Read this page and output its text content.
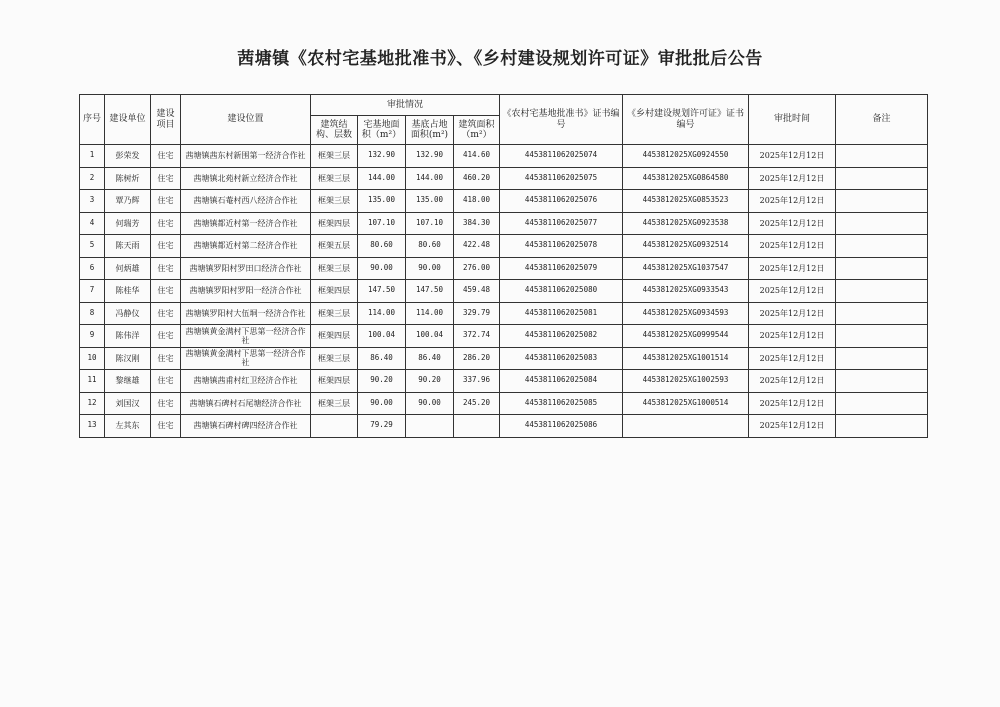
茜塘镇《农村宅基地批准书》、《乡村建设规划许可证》审批批后公告
序号	建设单位	建设项目	建设位置	审批情况				《农村宅基地批准书》证书编号	《乡村建设规划许可证》证书编号	审批时间	备注
				建筑结构、层数	宅基地面积（m²）	基底占地面积(m²)	建筑面积（m²）				
1	彭荣发	住宅	茜塘镇茜东村新围第一经济合作社	框架三层	132.90	132.90	414.60	4453811062025074	4453812025XG0924550	2025年12月12日	
2	陈树炘	住宅	茜塘镇北苑村新立经济合作社	框架三层	144.00	144.00	460.20	4453811062025075	4453812025XG0864580	2025年12月12日	
3	覃乃辉	住宅	茜塘镇石菴村西八经济合作社	框架三层	135.00	135.00	418.00	4453811062025076	4453812025XG0853523	2025年12月12日	
4	何瑞芳	住宅	茜塘镇都近村第一经济合作社	框架四层	107.10	107.10	384.30	4453811062025077	4453812025XG0923538	2025年12月12日	
5	陈天雨	住宅	茜塘镇都近村第二经济合作社	框架五层	80.60	80.60	422.48	4453811062025078	4453812025XG0932514	2025年12月12日	
6	何炳雄	住宅	茜塘镇罗阳村罗田口经济合作社	框架三层	90.00	90.00	276.00	4453811062025079	4453812025XG1037547	2025年12月12日	
7	陈桂华	住宅	茜塘镇罗阳村罗阳一经济合作社	框架四层	147.50	147.50	459.48	4453811062025080	4453812025XG0933543	2025年12月12日	
8	冯静仪	住宅	茜塘镇罗阳村大伍垌一经济合作社	框架三层	114.00	114.00	329.79	4453811062025081	4453812025XG0934593	2025年12月12日	
9	陈伟洋	住宅	茜塘镇黄金满村下思第一经济合作社	框架四层	100.04	100.04	372.74	4453811062025082	4453812025XG0999544	2025年12月12日	
10	陈汉刚	住宅	茜塘镇黄金满村下思第一经济合作社	框架三层	86.40	86.40	286.20	4453811062025083	4453812025XG1001514	2025年12月12日	
11	黎继雄	住宅	茜塘镇茜甫村红卫经济合作社	框架四层	90.20	90.20	337.96	4453811062025084	4453812025XG1002593	2025年12月12日	
12	刘国汉	住宅	茜塘镇石碑村石尾塘经济合作社	框架三层	90.00	90.00	245.20	4453811062025085	4453812025XG1000514	2025年12月12日	
13	左其东	住宅	茜塘镇石碑村碑四经济合作社		79.29			4453811062025086		2025年12月12日	
